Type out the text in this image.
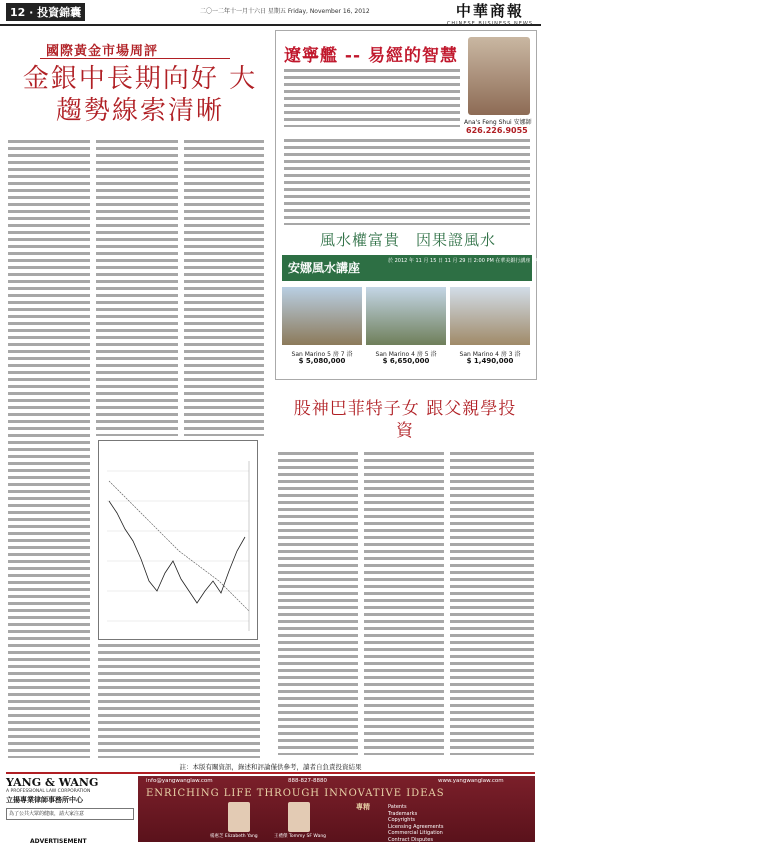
12 · 投資錦囊	二〇一二年十一月十六日 星期五 Friday, November 16, 2012	中華商報
CHINESE BUSINESS NEWS
國際黃金市場周評
金銀中長期向好 大趨勢線索清晰
遼寧艦 -- 易經的智慧
Ana's Feng Shui 安娜師
626.226.9055
風水權富貴　因果證風水
安娜風水講座	於 2012 年 11 月 15 日 11 月 29 日 2:00 PM 在華美銀行講座 | Address: 9139 Las Tunas Dr. Temple City CA 91780 | Ana 安娜師 (DRE:01810221) • 歡迎來電諮詢
San Marino 5 房 7 浴	San Marino 4 房 5 浴	San Marino 4 房 3 浴
$ 5,080,000	$ 6,650,000	$ 1,490,000
股神巴菲特子女 跟父親學投資
註：本版有關資訊，錄述和評論僅供參考，讀者自負責投資結果
YANG & WANG
A PROFESSIONAL LAW CORPORATION
立揚專業律師事務所中心
為了公共大眾的健康，請大家注意
ADVERTISEMENT
info@yangwanglaw.com	888-827-8880	www.yangwanglaw.com
ENRICHING LIFE THROUGH INNOVATIVE IDEAS
楊惠芝 Elizabeth Yang	王禮傑 Tommy SF Wang
專精	Patents
Trademarks
Copyrights
Licensing Agreements
Commercial Litigation
Contract Disputes
Certain Immigration Matters
Traffic Tickets
